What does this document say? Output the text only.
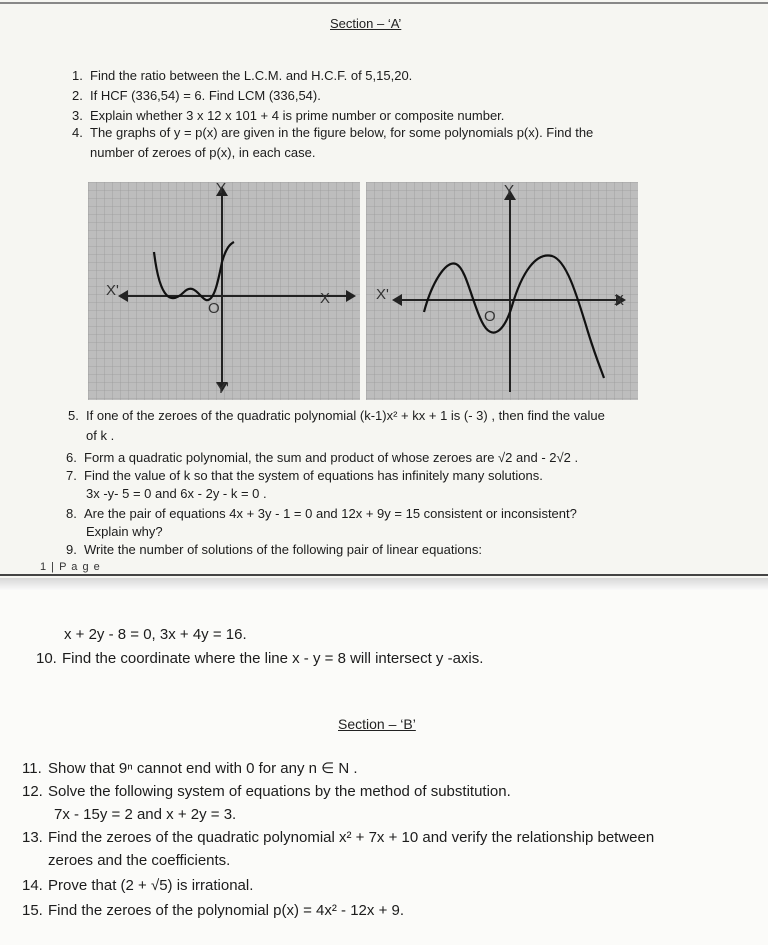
Section – ‘A’
1. Find the ratio between the L.C.M. and H.C.F. of 5,15,20.
2. If HCF (336,54) = 6. Find LCM (336,54).
3. Explain whether 3 x 12 x 101 + 4 is prime number or composite number.
4. The graphs of y = p(x) are given in the figure below, for some polynomials p(x). Find the
number of zeroes of p(x), in each case.
Y
Y'
X
X'
O
Y
X
X'
O
5. If one of the zeroes of the quadratic polynomial (k-1)x² + kx + 1 is (- 3) , then find the value
of k .
6. Form a quadratic polynomial, the sum and product of whose zeroes are √2 and - 2√2 .
7. Find the value of k so that the system of equations has infinitely many solutions.
3x -y- 5 = 0 and 6x - 2y - k = 0 .
8. Are the pair of equations 4x + 3y - 1 = 0 and 12x + 9y = 15 consistent or inconsistent?
Explain why?
9. Write the number of solutions of the following pair of linear equations:
1 | P a g e
x + 2y - 8 = 0, 3x + 4y = 16.
10. Find the coordinate where the line x - y = 8 will intersect y -axis.
Section – ‘B’
11. Show that 9ⁿ cannot end with 0 for any n ∈ N .
12. Solve the following system of equations by the method of substitution.
7x - 15y = 2 and x + 2y = 3.
13. Find the zeroes of the quadratic polynomial x² + 7x + 10 and verify the relationship between
zeroes and the coefficients.
14. Prove that (2 + √5) is irrational.
15. Find the zeroes of the polynomial p(x) = 4x² - 12x + 9.
